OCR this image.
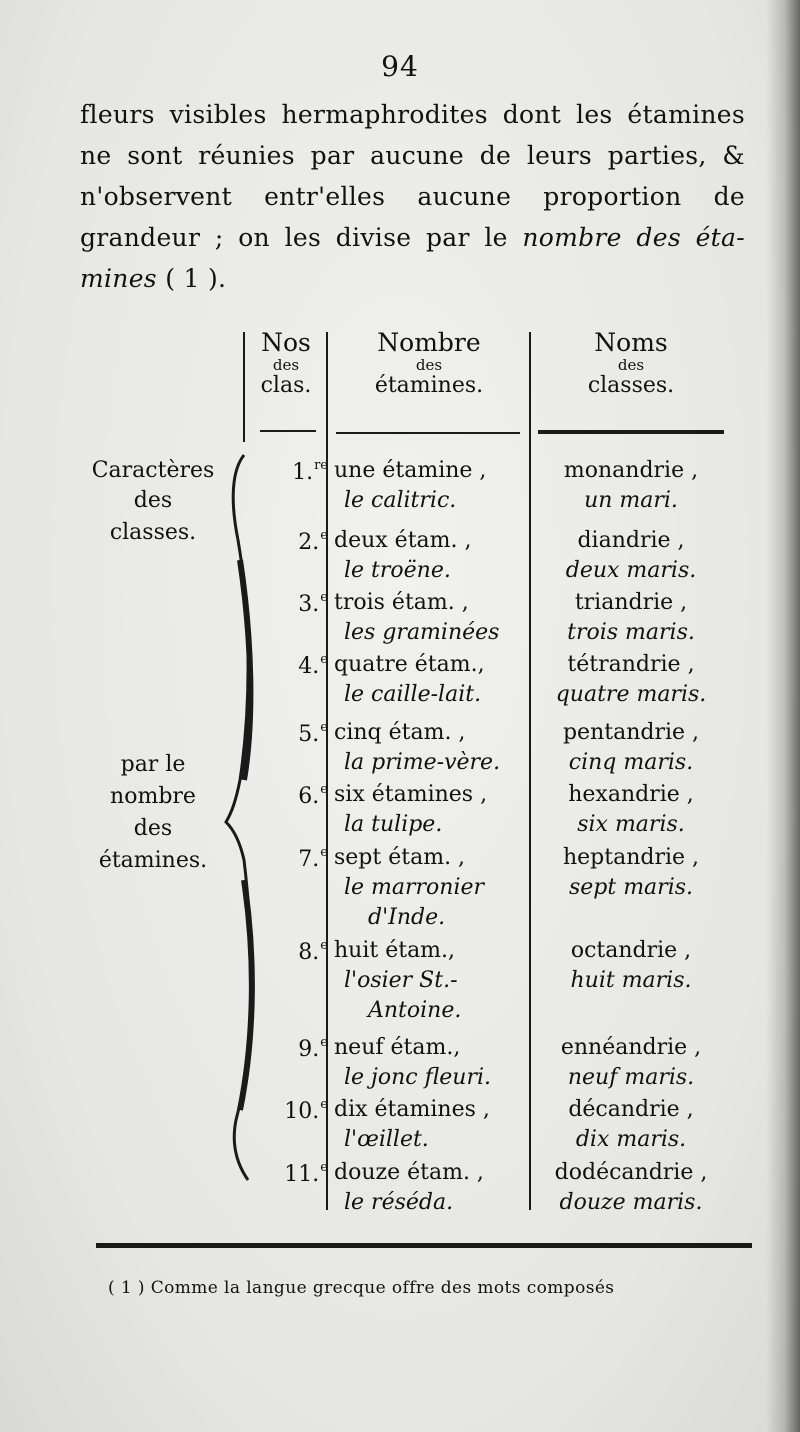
94
fleurs visibles hermaphrodites dont les étamines
ne sont réunies par aucune de leurs parties, &
n'observent entr'elles aucune proportion de
grandeur ; on les divise par le nombre des éta-
mines ( 1 ).
Nos
des
clas.
Nombre
des
étamines.
Noms
des
classes.
Caractères
des
classes.
par le
nombre
des
étamines.
1.$^{re}$ une étamine ,
le calitric.
monandrie ,
un mari.
2.$^e$ deux étam. ,
le troëne.
diandrie ,
deux maris.
3.$^e$ trois étam. ,
les graminées
triandrie ,
trois maris.
4.$^e$ quatre étam.,
le caille-lait.
tétrandrie ,
quatre maris.
5.$^e$ cinq étam. ,
la prime-vère.
pentandrie ,
cinq maris.
6.$^e$ six étamines ,
la tulipe.
hexandrie ,
six maris.
7.$^e$ sept étam. ,
le marronier
d'Inde.
heptandrie ,
sept maris.
8.$^e$ huit étam.,
l'osier St.-
Antoine.
octandrie ,
huit maris.
9.$^e$ neuf étam.,
le jonc fleuri.
ennéandrie ,
neuf maris.
10.$^e$ dix étamines ,
l'œillet.
décandrie ,
dix maris.
11.$^e$ douze étam. ,
le réséda.
dodécandrie ,
douze maris.
( 1 ) Comme la langue grecque offre des mots composés
